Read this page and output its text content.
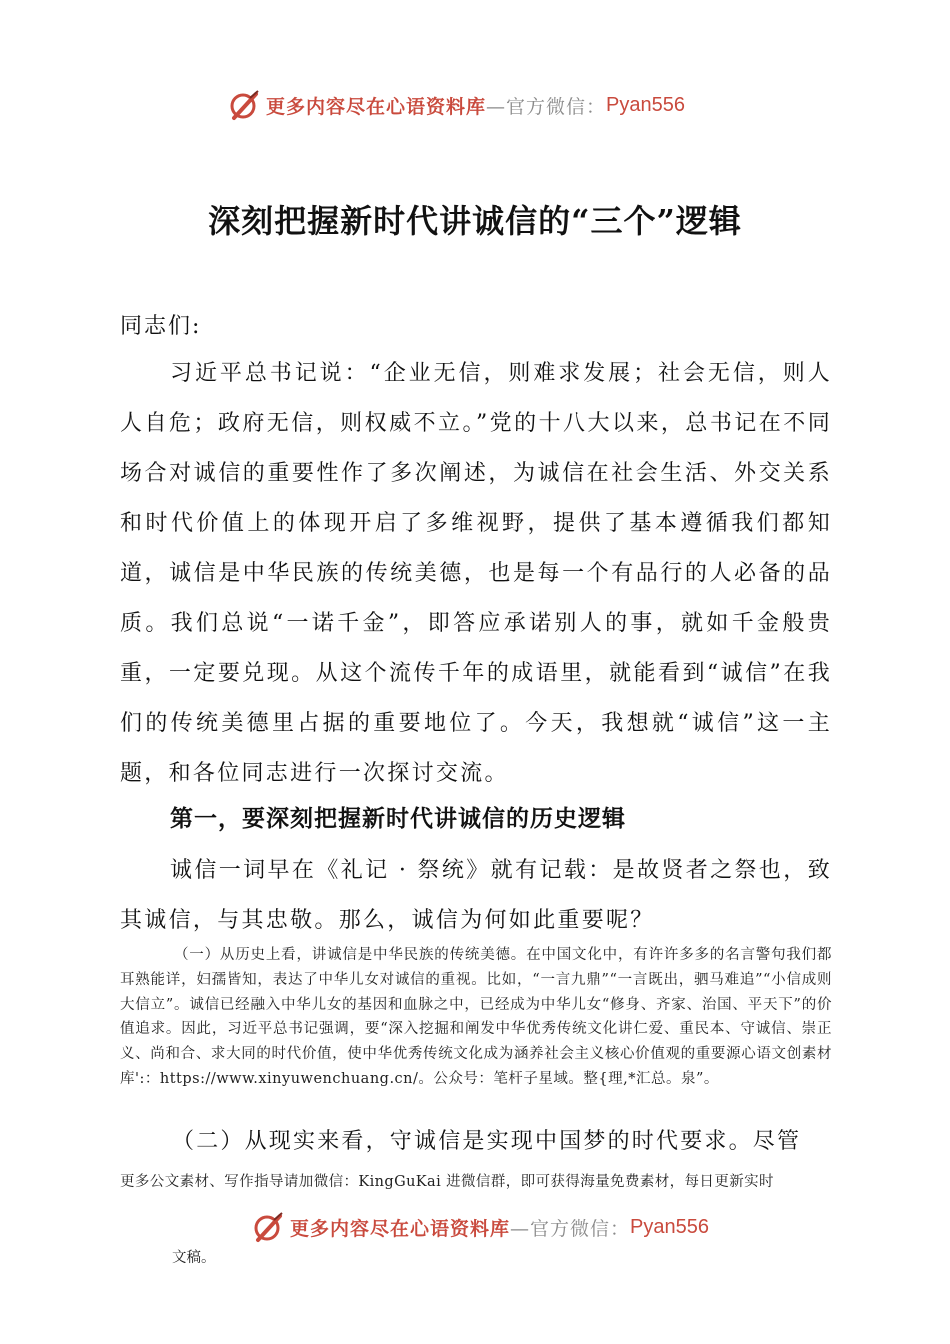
更多内容尽在心语资料库 —官方微信： Pyan556
深刻把握新时代讲诚信的“三个”逻辑
同志们:

习近平总书记说：“企业无信，则难求发展；社会无信，则人人自危；政府无信，则权威不立。”党的十八大以来，总书记在不同场合对诚信的重要性作了多次阐述，为诚信在社会生活、外交关系和时代价值上的体现开启了多维视野，提供了基本遵循我们都知道，诚信是中华民族的传统美德，也是每一个有品行的人必备的品质。我们总说“一诺千金”，即答应承诺别人的事，就如千金般贵重，一定要兑现。从这个流传千年的成语里，就能看到“诚信”在我们的传统美德里占据的重要地位了。今天，我想就“诚信”这一主题，和各位同志进行一次探讨交流。

第一，要深刻把握新时代讲诚信的历史逻辑

诚信一词早在《礼记 · 祭统》就有记载：是故贤者之祭也，致其诚信，与其忠敬。那么，诚信为何如此重要呢？

（一）从历史上看，讲诚信是中华民族的传统美德。在中国文化中，有许许多多的名言警句我们都耳熟能详，妇孺皆知，表达了中华儿女对诚信的重视。比如，“一言九鼎”“一言既出，驷马难追”“小信成则大信立”。诚信已经融入中华儿女的基因和血脉之中，已经成为中华儿女“修身、齐家、治国、平天下”的价值追求。因此，习近平总书记强调，要“深入挖掘和阐发中华优秀传统文化讲仁爱、重民本、守诚信、崇正义、尚和合、求大同的时代价值，使中华优秀传统文化成为涵养社会主义核心价值观的重要源心语文创素材库':：https://www.xinyuwenchuang.cn/。公众号：笔杆子星域。整{理,*汇总。泉”。

（二）从现实来看，守诚信是实现中国梦的时代要求。尽管

更多公文素材、写作指导请加微信：KingGuKai 进微信群，即可获得海量免费素材，每日更新实时

更多内容尽在心语资料库 —官方微信： Pyan556

文稿。
